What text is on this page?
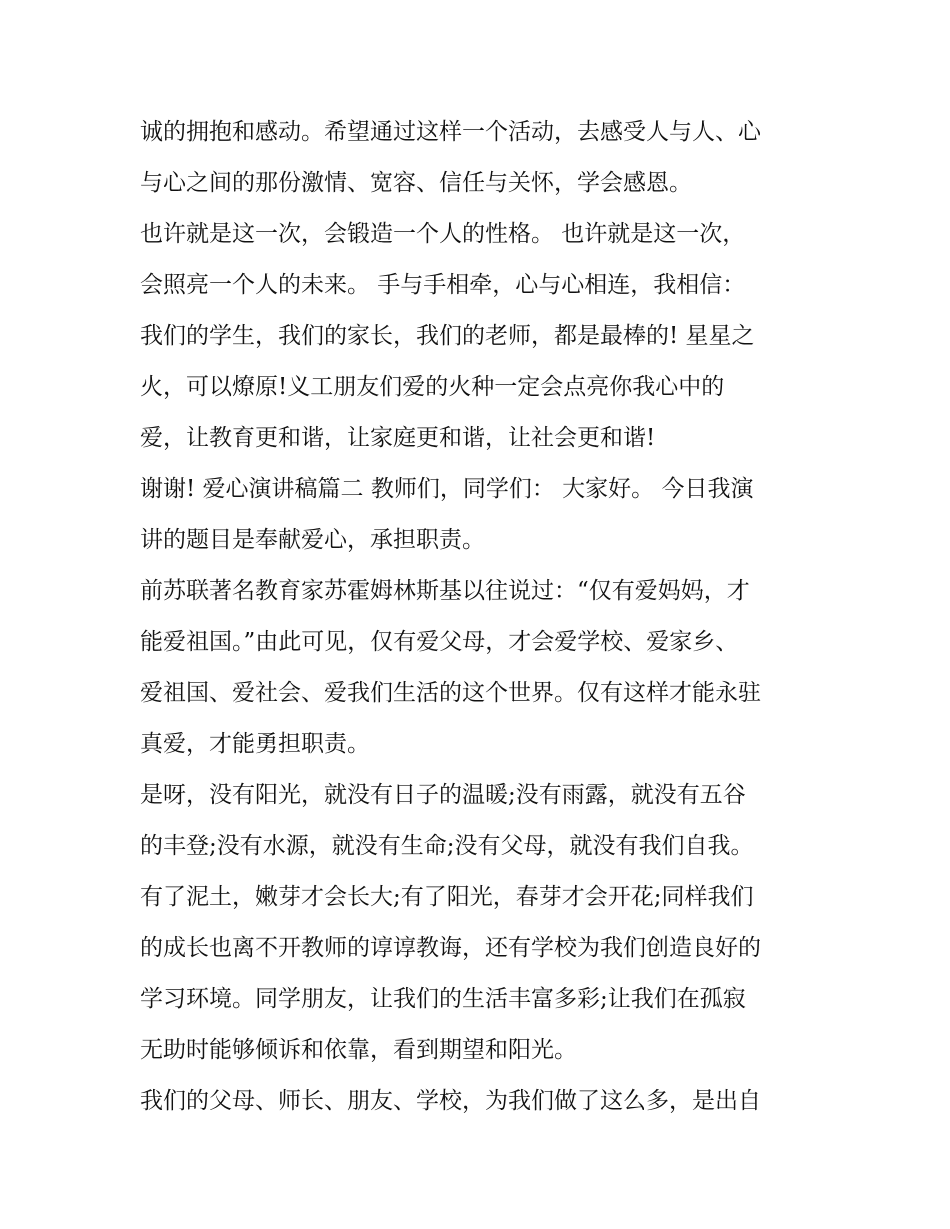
诚的拥抱和感动。希望通过这样一个活动，去感受人与人、心
与心之间的那份激情、宽容、信任与关怀，学会感恩。
也许就是这一次，会锻造一个人的性格。 也许就是这一次，
会照亮一个人的未来。 手与手相牵，心与心相连，我相信：
我们的学生，我们的家长，我们的老师，都是最棒的! 星星之
火，可以燎原!义工朋友们爱的火种一定会点亮你我心中的
爱，让教育更和谐，让家庭更和谐，让社会更和谐!
谢谢! 爱心演讲稿篇二 教师们，同学们： 大家好。 今日我演
讲的题目是奉献爱心，承担职责。
前苏联著名教育家苏霍姆林斯基以往说过：“仅有爱妈妈，才
能爱祖国。”由此可见，仅有爱父母，才会爱学校、爱家乡、
爱祖国、爱社会、爱我们生活的这个世界。仅有这样才能永驻
真爱，才能勇担职责。
是呀，没有阳光，就没有日子的温暖;没有雨露，就没有五谷
的丰登;没有水源，就没有生命;没有父母，就没有我们自我。
有了泥土，嫩芽才会长大;有了阳光，春芽才会开花;同样我们
的成长也离不开教师的谆谆教诲，还有学校为我们创造良好的
学习环境。同学朋友，让我们的生活丰富多彩;让我们在孤寂
无助时能够倾诉和依靠，看到期望和阳光。
我们的父母、师长、朋友、学校，为我们做了这么多，是出自
